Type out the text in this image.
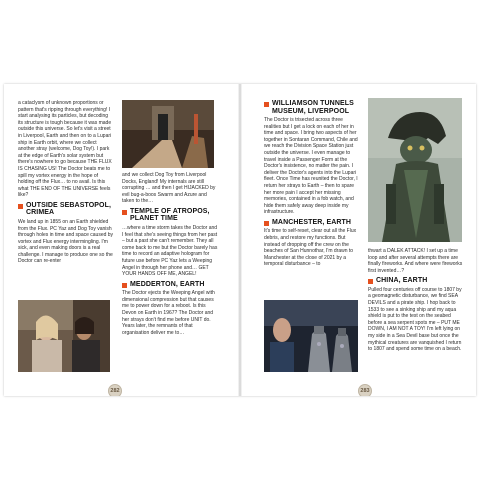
a cataclysm of unknown proportions or pattern that's ripping through everything! I start analysing its particles, but decoding its structure is tough because it was made outside this universe. So let's visit a street in Liverpool, Earth and then on to a Lupari ship in Earth orbit, where we collect another stray (welcome, Dog Toy!). I park at the edge of Earth's solar system but there's nowhere to go because THE FLUX IS CHASING US! The Doctor beats me to spill my vortex energy in the hope of holding off the Flux… to no avail. Is this what THE END OF THE UNIVERSE feels like?

OUTSIDE SEBASTOPOL, CRIMEA

We land up in 1855 on an Earth shielded from the Flux. PC Yaz and Dog Toy vanish through holes in time and space caused by vortex and Flux energy intermingling. I'm sick, and even making doors is a real challenge. I manage to produce one so the Doctor can re-enter

and we collect Dog Toy from Liverpool Docks, England! My internals are still corrupting … and then I get HIJACKED by evil bug-a-boos Swarm and Azure and taken to the…

TEMPLE OF ATROPOS, PLANET TIME

…where a time storm takes the Doctor and I feel that she's seeing things from her past – but a past she can't remember. They all come back to me but the Doctor barely has time to record an adaptive hologram for future use before PC Yaz lets a Weeping Angel in through her phone and… GET YOUR HANDS OFF ME, ANGEL!

MEDDERTON, EARTH

The Doctor ejects the Weeping Angel with dimensional compression but that causes me to power down for a reboot. Is this Devon on Earth in 1967? The Doctor and her strays don't find me before UNIT do. Years later, the remnants of that organisation deliver me to…

282
WILLIAMSON TUNNELS MUSEUM, LIVERPOOL

The Doctor is trisected across three realities but I get a lock on each of her in time and space. I bring two aspects of her together in Sontaran Command, Chile and we reach the Division Space Station just outside the universe. I even manage to travel inside a Passenger Form at the Doctor's insistence, no matter the pain. I deliver the Doctor's agents into the Lupari fleet. Once Time has reunited the Doctor, I return her strays to Earth – then to spare her more pain I accept her missing memories, contained in a fob watch, and hide them safely away deep inside my infrastructure.

MANCHESTER, EARTH

It's time to self-reset, clear out all the Flux debris, and restore my functions. But instead of dropping off the crew on the beaches of San Hunnothar, I'm drawn to Manchester at the close of 2021 by a temporal disturbance – to

thwart a DALEK ATTACK! I set up a time loop and after several attempts there are finally fireworks. And where were fireworks first invented…?

CHINA, EARTH

Pulled four centuries off course to 1807 by a geomagnetic disturbance, we find SEA DEVILS and a pirate ship. I hop back to 1533 to see a sinking ship and my aqua shield is put to the test on the seabed before a sea serpent spots me – PUT ME DOWN, I AM NOT A TOY! I'm left lying on my side in a Sea Devil base but once the mythical creatures are vanquished I return to 1807 and spend some time on a beach.

283
